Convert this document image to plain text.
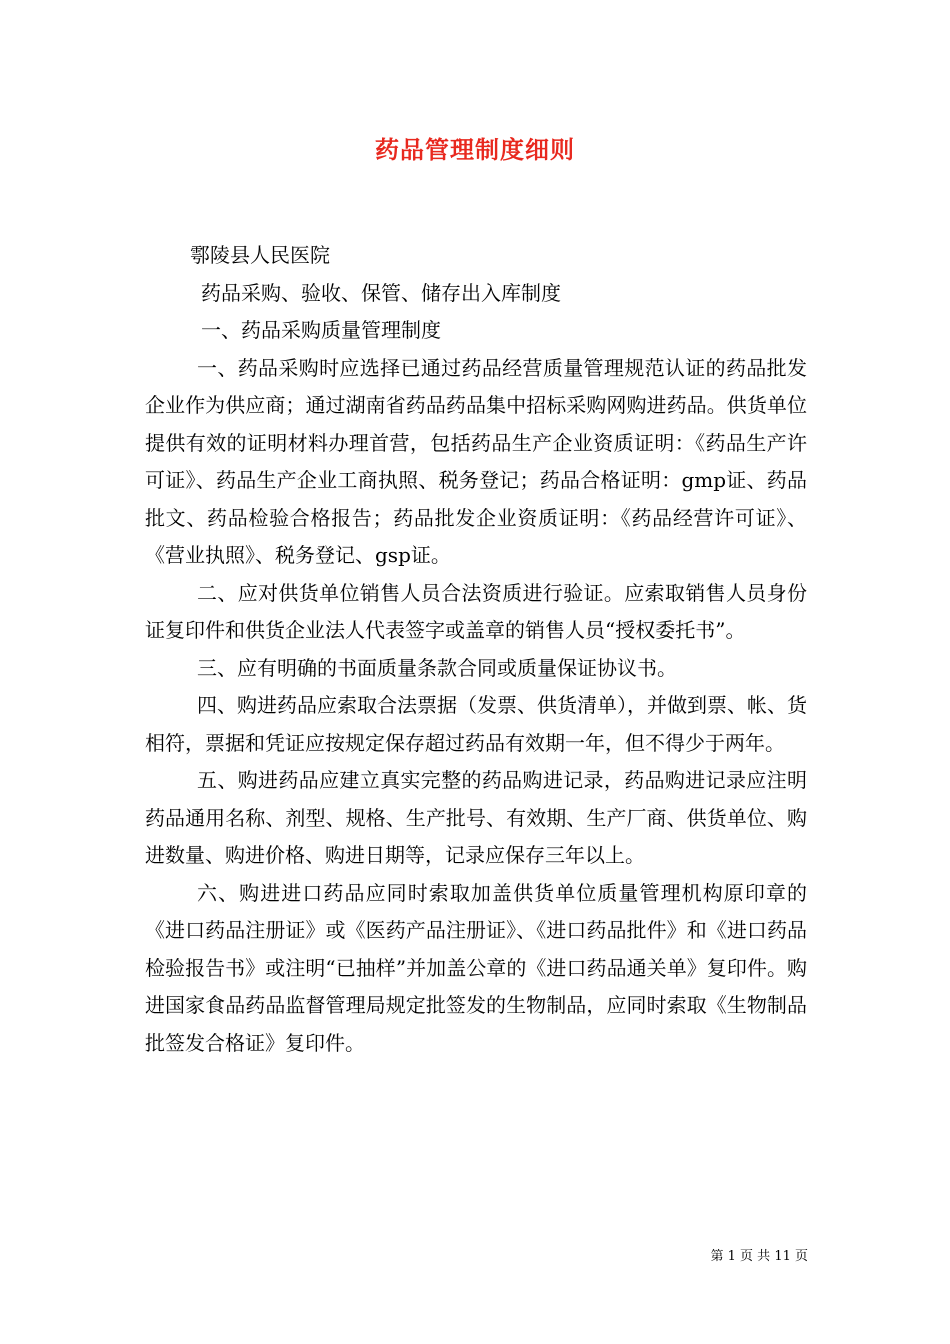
药品管理制度细则

鄠陵县人民医院

药品采购、验收、保管、储存出入库制度

一、药品采购质量管理制度

一、药品采购时应选择已通过药品经营质量管理规范认证的药品批发企业作为供应商；通过湖南省药品药品集中招标采购网购进药品。供货单位提供有效的证明材料办理首营，包括药品生产企业资质证明：《药品生产许可证》、药品生产企业工商执照、税务登记；药品合格证明：gmp证、药品批文、药品检验合格报告；药品批发企业资质证明：《药品经营许可证》、《营业执照》、税务登记、gsp证。

二、应对供货单位销售人员合法资质进行验证。应索取销售人员身份证复印件和供货企业法人代表签字或盖章的销售人员“授权委托书”。

三、应有明确的书面质量条款合同或质量保证协议书。

四、购进药品应索取合法票据（发票、供货清单），并做到票、帐、货相符，票据和凭证应按规定保存超过药品有效期一年，但不得少于两年。

五、购进药品应建立真实完整的药品购进记录，药品购进记录应注明药品通用名称、剂型、规格、生产批号、有效期、生产厂商、供货单位、购进数量、购进价格、购进日期等，记录应保存三年以上。

六、购进进口药品应同时索取加盖供货单位质量管理机构原印章的《进口药品注册证》或《医药产品注册证》、《进口药品批件》和《进口药品检验报告书》或注明“已抽样”并加盖公章的《进口药品通关单》复印件。购进国家食品药品监督管理局规定批签发的生物制品，应同时索取《生物制品批签发合格证》复印件。

第 1 页 共 11 页
